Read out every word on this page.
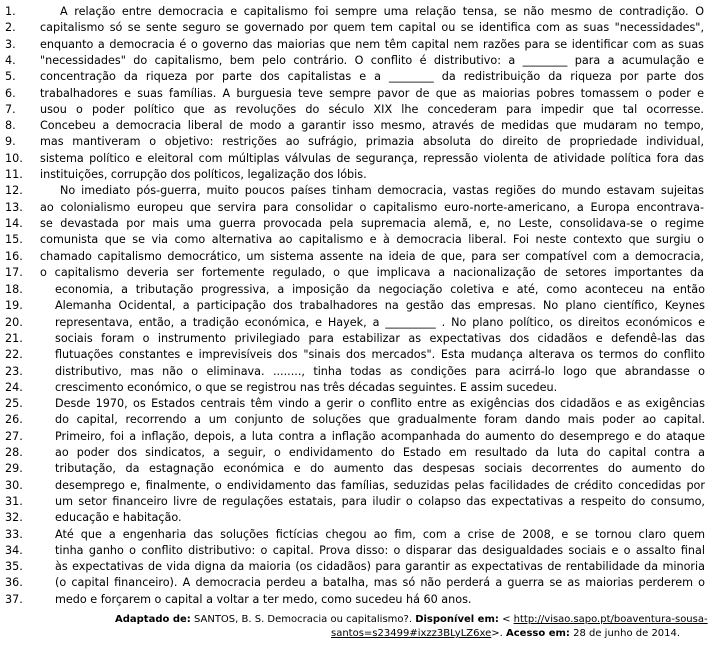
1.	A relação entre democracia e capitalismo foi sempre uma relação tensa, se não mesmo de contradição. O
2.	capitalismo só se sente seguro se governado por quem tem capital ou se identifica com as suas "necessidades",
3.	enquanto a democracia é o governo das maiorias que nem têm capital nem razões para se identificar com as suas
4.	"necessidades" do capitalismo, bem pelo contrário. O conflito é distributivo: a ________ para a acumulação e
5.	concentração da riqueza por parte dos capitalistas e a ________ da redistribuição da riqueza por parte dos
6.	trabalhadores e suas famílias. A burguesia teve sempre pavor de que as maiorias pobres tomassem o poder e
7.	usou o poder político que as revoluções do século XIX lhe concederam para impedir que tal ocorresse.
8.	Concebeu a democracia liberal de modo a garantir isso mesmo, através de medidas que mudaram no tempo,
9.	mas mantiveram o objetivo: restrições ao sufrágio, primazia absoluta do direito de propriedade individual,
10.	sistema político e eleitoral com múltiplas válvulas de segurança, repressão violenta de atividade política fora das
11.	instituições, corrupção dos políticos, legalização dos lóbis.
12.	No imediato pós-guerra, muito poucos países tinham democracia, vastas regiões do mundo estavam sujeitas
13.	ao colonialismo europeu que servira para consolidar o capitalismo euro-norte-americano, a Europa encontrava-
14.	se devastada por mais uma guerra provocada pela supremacia alemã, e, no Leste, consolidava-se o regime
15.	comunista que se via como alternativa ao capitalismo e à democracia liberal. Foi neste contexto que surgiu o
16.	chamado capitalismo democrático, um sistema assente na ideia de que, para ser compatível com a democracia,
17.	o capitalismo deveria ser fortemente regulado, o que implicava a nacionalização de setores importantes da
18.	economia, a tributação progressiva, a imposição da negociação coletiva e até, como aconteceu na então
19.	Alemanha Ocidental, a participação dos trabalhadores na gestão das empresas. No plano científico, Keynes
20.	representava, então, a tradição económica, e Hayek, a _________ . No plano político, os direitos económicos e
21.	sociais foram o instrumento privilegiado para estabilizar as expectativas dos cidadãos e defendê-las das
22.	flutuações constantes e imprevisíveis dos "sinais dos mercados". Esta mudança alterava os termos do conflito
23.	distributivo, mas não o eliminava. ........, tinha todas as condições para acirrá-lo logo que abrandasse o
24.	crescimento económico, o que se registrou nas três décadas seguintes. E assim sucedeu.
25.	Desde 1970, os Estados centrais têm vindo a gerir o conflito entre as exigências dos cidadãos e as exigências
26.	do capital, recorrendo a um conjunto de soluções que gradualmente foram dando mais poder ao capital.
27.	Primeiro, foi a inflação, depois, a luta contra a inflação acompanhada do aumento do desemprego e do ataque
28.	ao poder dos sindicatos, a seguir, o endividamento do Estado em resultado da luta do capital contra a
29.	tributação, da estagnação económica e do aumento das despesas sociais decorrentes do aumento do
30.	desemprego e, finalmente, o endividamento das famílias, seduzidas pelas facilidades de crédito concedidas por
31.	um setor financeiro livre de regulações estatais, para iludir o colapso das expectativas a respeito do consumo,
32.	educação e habitação.
33.	Até que a engenharia das soluções fictícias chegou ao fim, com a crise de 2008, e se tornou claro quem
34.	tinha ganho o conflito distributivo: o capital. Prova disso: o disparar das desigualdades sociais e o assalto final
35.	às expectativas de vida digna da maioria (os cidadãos) para garantir as expectativas de rentabilidade da minoria
36.	(o capital financeiro). A democracia perdeu a batalha, mas só não perderá a guerra se as maiorias perderem o
37.	medo e forçarem o capital a voltar a ter medo, como sucedeu há 60 anos.
Adaptado de: SANTOS, B. S. Democracia ou capitalismo?. Disponível em: < http://visao.sapo.pt/boaventura-sousa-
santos=s23499#ixzz3BLyLZ6xe>. Acesso em: 28 de junho de 2014.
